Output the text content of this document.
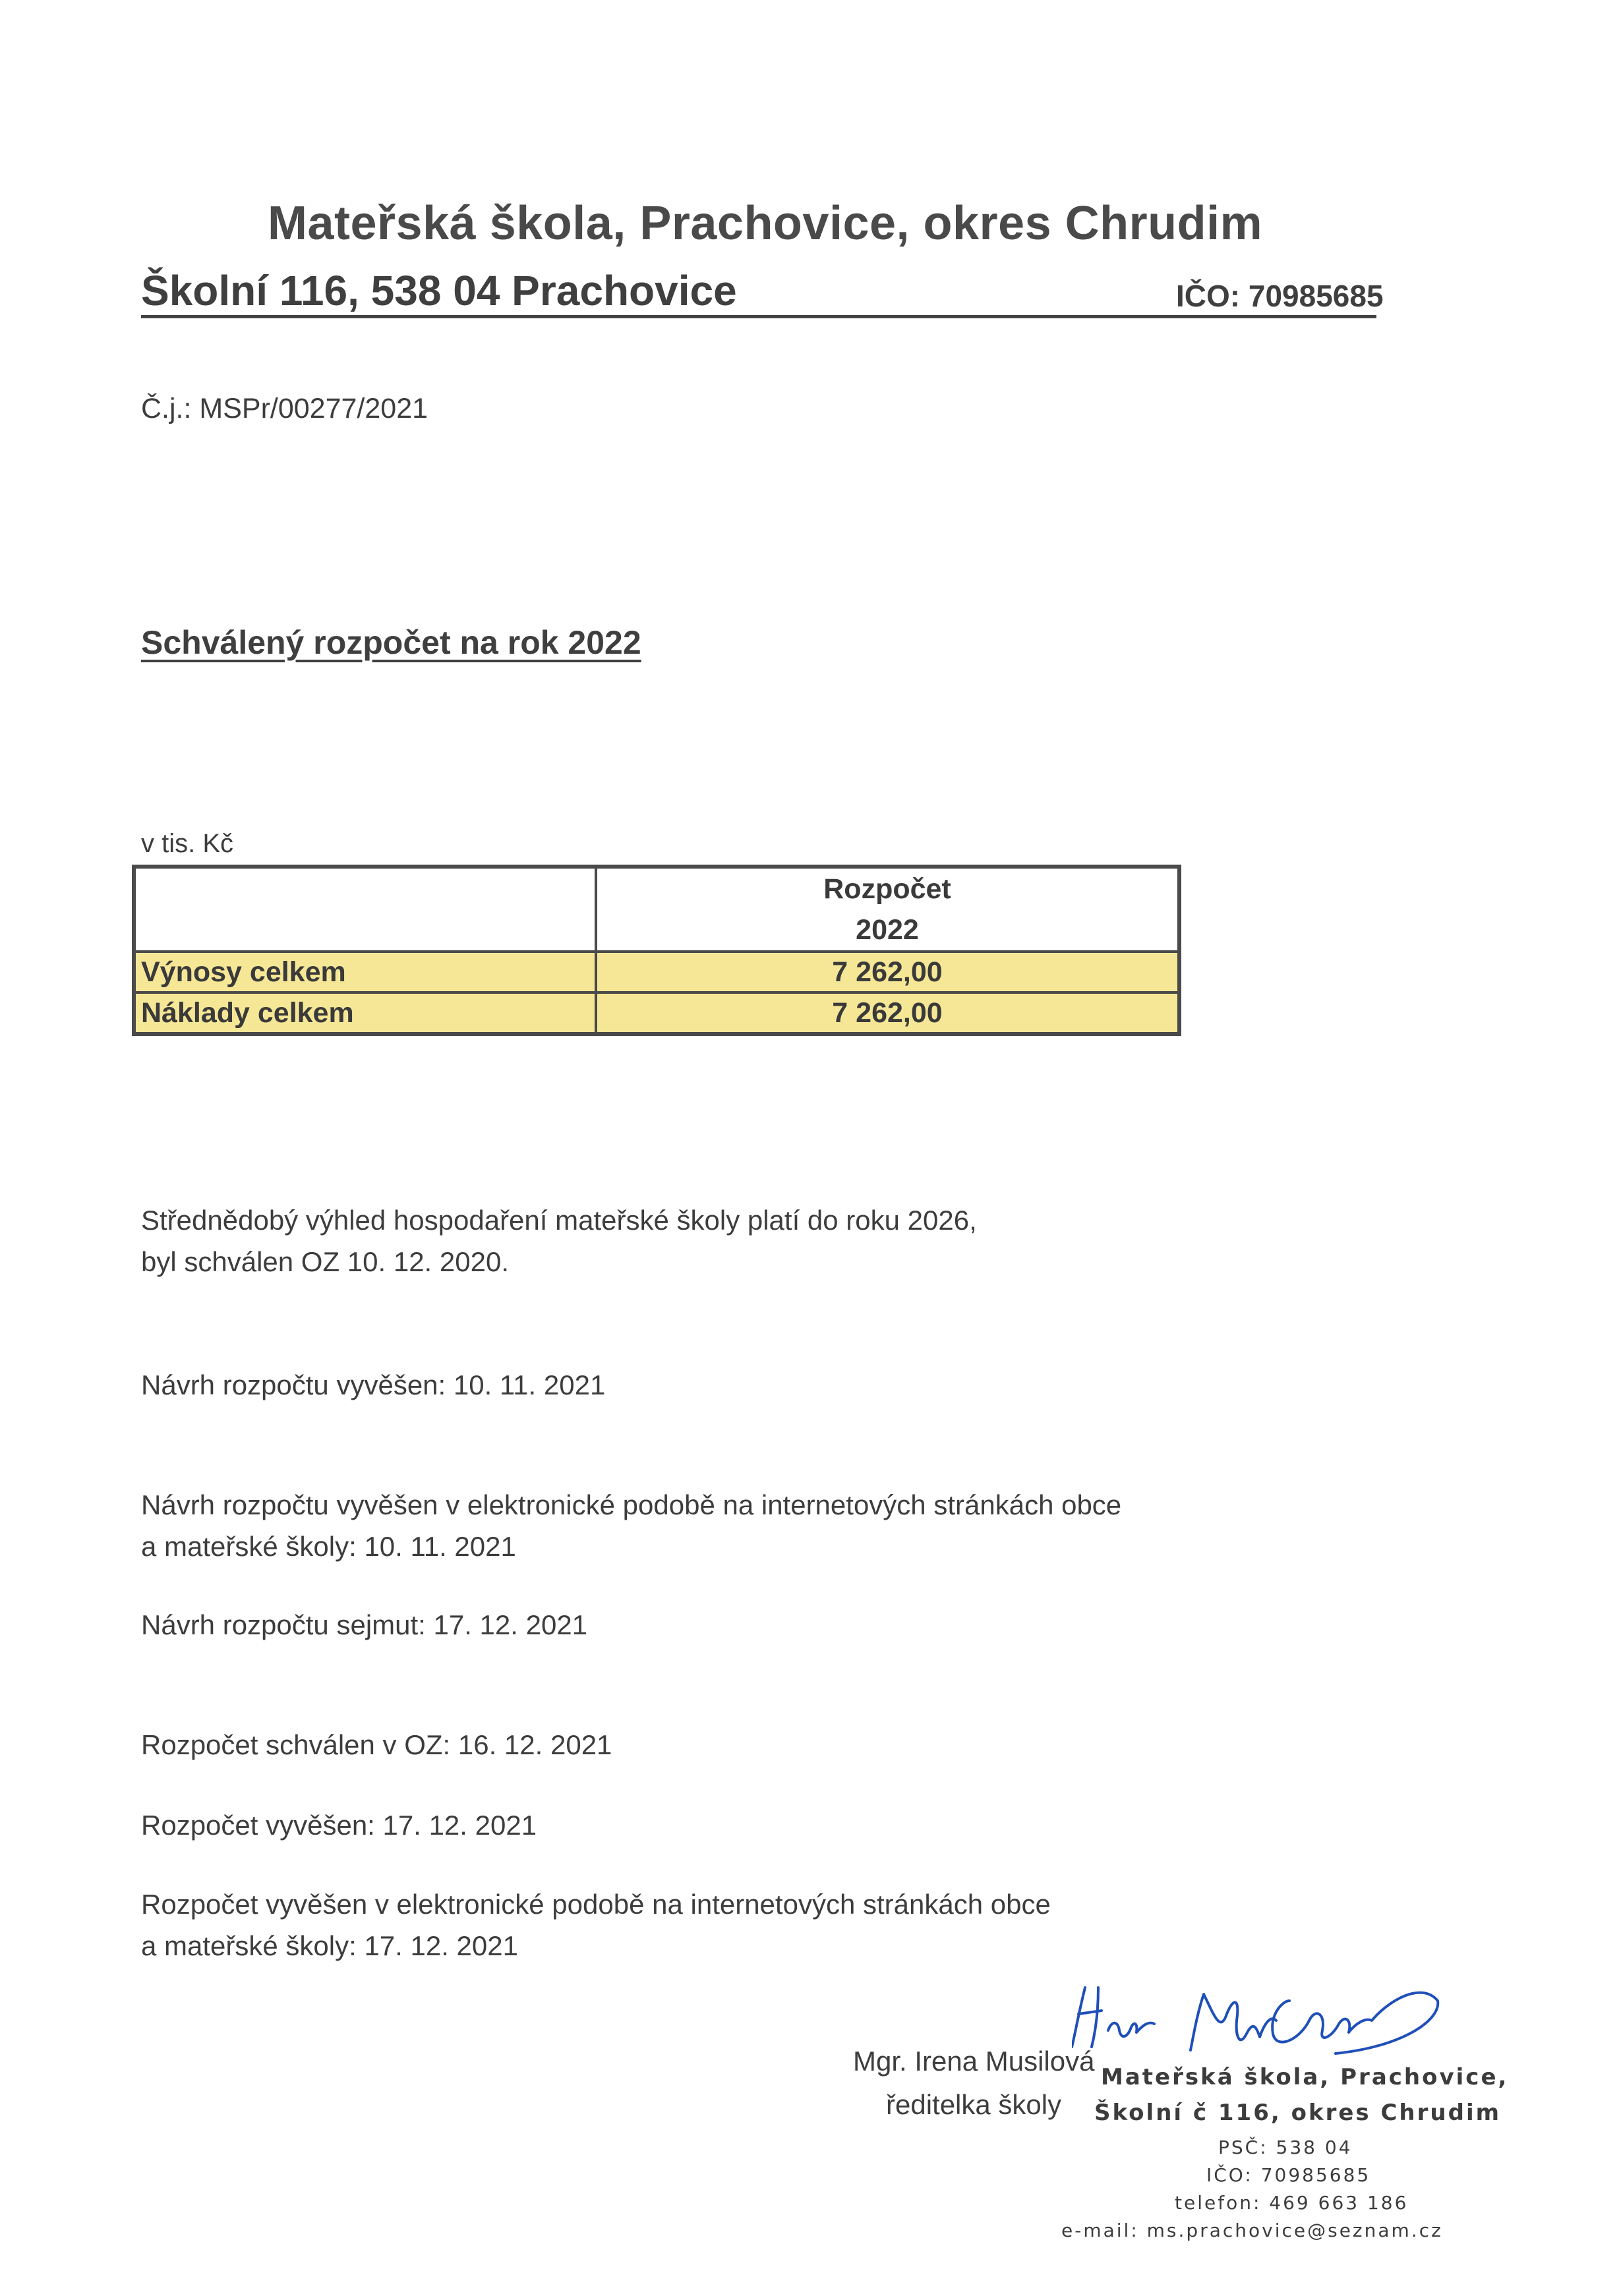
Mateřská škola, Prachovice, okres Chrudim
Školní 116, 538 04 Prachovice	IČO: 70985685
Č.j.: MSPr/00277/2021
Schválený rozpočet na rok 2022
v tis. Kč

	Rozpočet
2022

Výnosy celkem	7 262,00
Náklady celkem	7 262,00
Střednědobý výhled hospodaření mateřské školy platí do roku 2026,
byl schválen OZ 10. 12. 2020.
Návrh rozpočtu vyvěšen: 10. 11. 2021
Návrh rozpočtu vyvěšen v elektronické podobě na internetových stránkách obce
a mateřské školy: 10. 11. 2021
Návrh rozpočtu sejmut: 17. 12. 2021
Rozpočet schválen v OZ: 16. 12. 2021
Rozpočet vyvěšen: 17. 12. 2021
Rozpočet vyvěšen v elektronické podobě na internetových stránkách obce
a mateřské školy: 17. 12. 2021
Mgr. Irena Musilová
ředitelka školy
Mateřská škola, Prachovice,
Školní č 116, okres Chrudim
PSČ: 538 04
IČO: 70985685
telefon: 469 663 186
e-mail: ms.prachovice@seznam.cz
